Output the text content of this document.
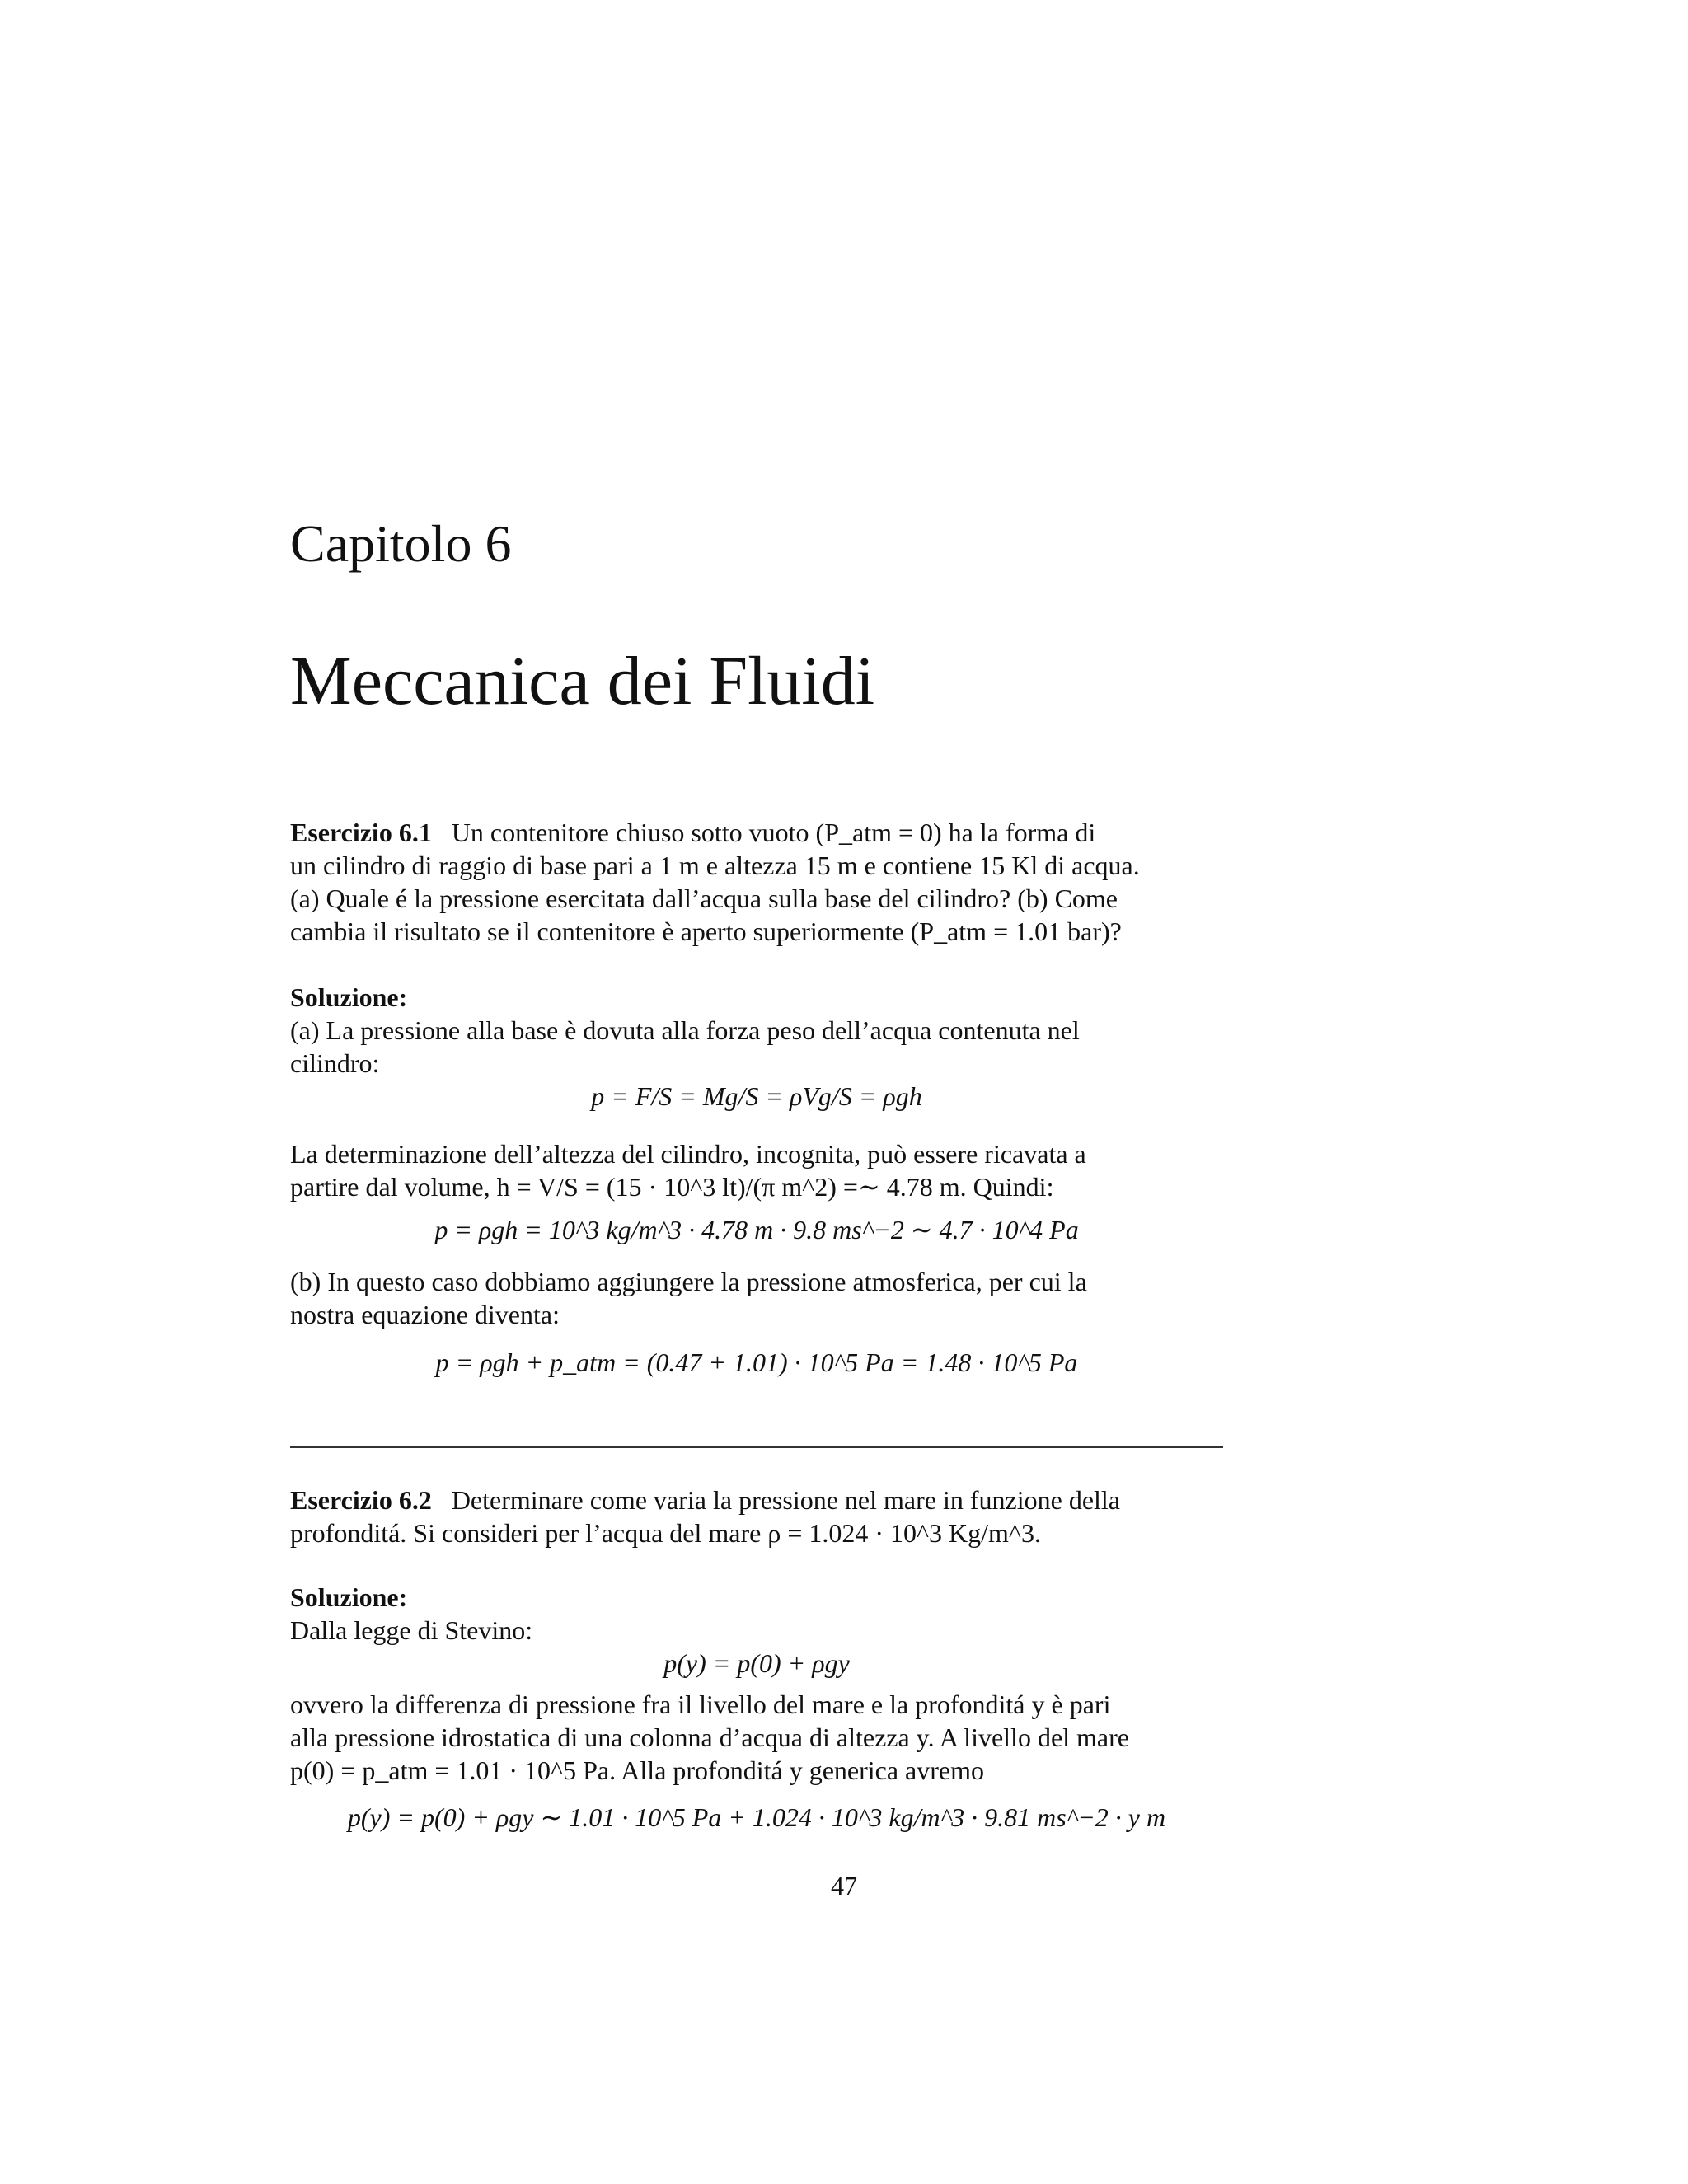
Capitolo 6
Meccanica dei Fluidi
Esercizio 6.1 Un contenitore chiuso sotto vuoto (P_atm = 0) ha la forma di
un cilindro di raggio di base pari a 1 m e altezza 15 m e contiene 15 Kl di acqua.
(a) Quale é la pressione esercitata dall’acqua sulla base del cilindro? (b) Come
cambia il risultato se il contenitore è aperto superiormente (P_atm = 1.01 bar)?
Soluzione:
(a) La pressione alla base è dovuta alla forza peso dell’acqua contenuta nel
cilindro:
p = F/S = Mg/S = ρVg/S = ρgh
La determinazione dell’altezza del cilindro, incognita, può essere ricavata a
partire dal volume, h = V/S = (15 · 10^3 lt)/(π m^2) =∼ 4.78 m. Quindi:
p = ρgh = 10^3 kg/m^3 · 4.78 m · 9.8 ms^−2 ∼ 4.7 · 10^4 Pa
(b) In questo caso dobbiamo aggiungere la pressione atmosferica, per cui la
nostra equazione diventa:
p = ρgh + p_atm = (0.47 + 1.01) · 10^5 Pa = 1.48 · 10^5 Pa
Esercizio 6.2 Determinare come varia la pressione nel mare in funzione della
profonditá. Si consideri per l’acqua del mare ρ = 1.024 · 10^3 Kg/m^3.
Soluzione:
Dalla legge di Stevino:
p(y) = p(0) + ρgy
ovvero la differenza di pressione fra il livello del mare e la profonditá y è pari
alla pressione idrostatica di una colonna d’acqua di altezza y. A livello del mare
p(0) = p_atm = 1.01 · 10^5 Pa. Alla profonditá y generica avremo
p(y) = p(0) + ρgy ∼ 1.01 · 10^5 Pa + 1.024 · 10^3 kg/m^3 · 9.81 ms^−2 · y m
47
